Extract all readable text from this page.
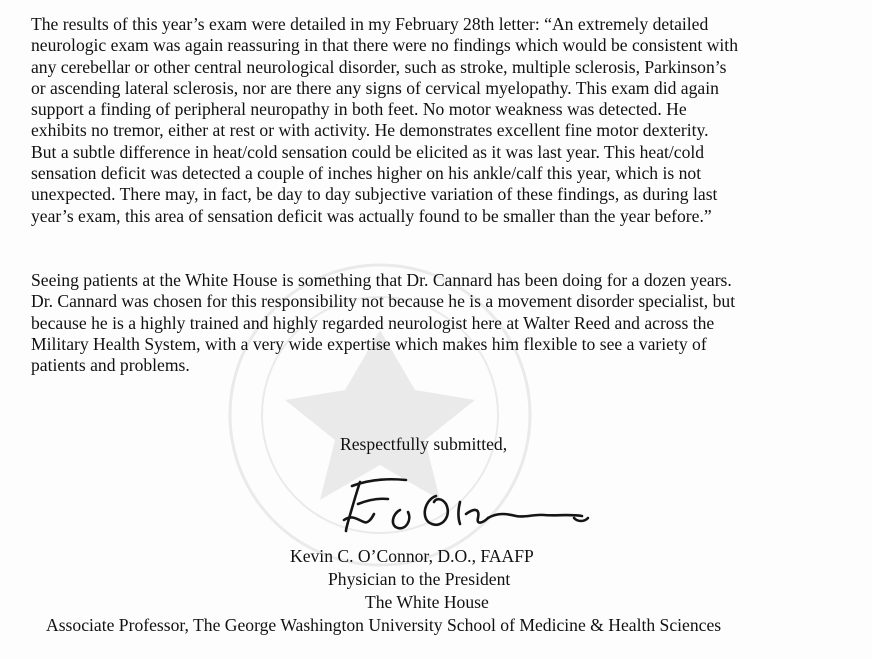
The results of this year’s exam were detailed in my February 28th letter: “An extremely detailed
neurologic exam was again reassuring in that there were no findings which would be consistent with
any cerebellar or other central neurological disorder, such as stroke, multiple sclerosis, Parkinson’s
or ascending lateral sclerosis, nor are there any signs of cervical myelopathy. This exam did again
support a finding of peripheral neuropathy in both feet. No motor weakness was detected. He
exhibits no tremor, either at rest or with activity. He demonstrates excellent fine motor dexterity.
But a subtle difference in heat/cold sensation could be elicited as it was last year. This heat/cold
sensation deficit was detected a couple of inches higher on his ankle/calf this year, which is not
unexpected. There may, in fact, be day to day subjective variation of these findings, as during last
year’s exam, this area of sensation deficit was actually found to be smaller than the year before.”
Seeing patients at the White House is something that Dr. Cannard has been doing for a dozen years.
Dr. Cannard was chosen for this responsibility not because he is a movement disorder specialist, but
because he is a highly trained and highly regarded neurologist here at Walter Reed and across the
Military Health System, with a very wide expertise which makes him flexible to see a variety of
patients and problems.
Respectfully submitted,
Kevin C. O’Connor, D.O., FAAFP
Physician to the President
The White House
Associate Professor, The George Washington University School of Medicine & Health Sciences
